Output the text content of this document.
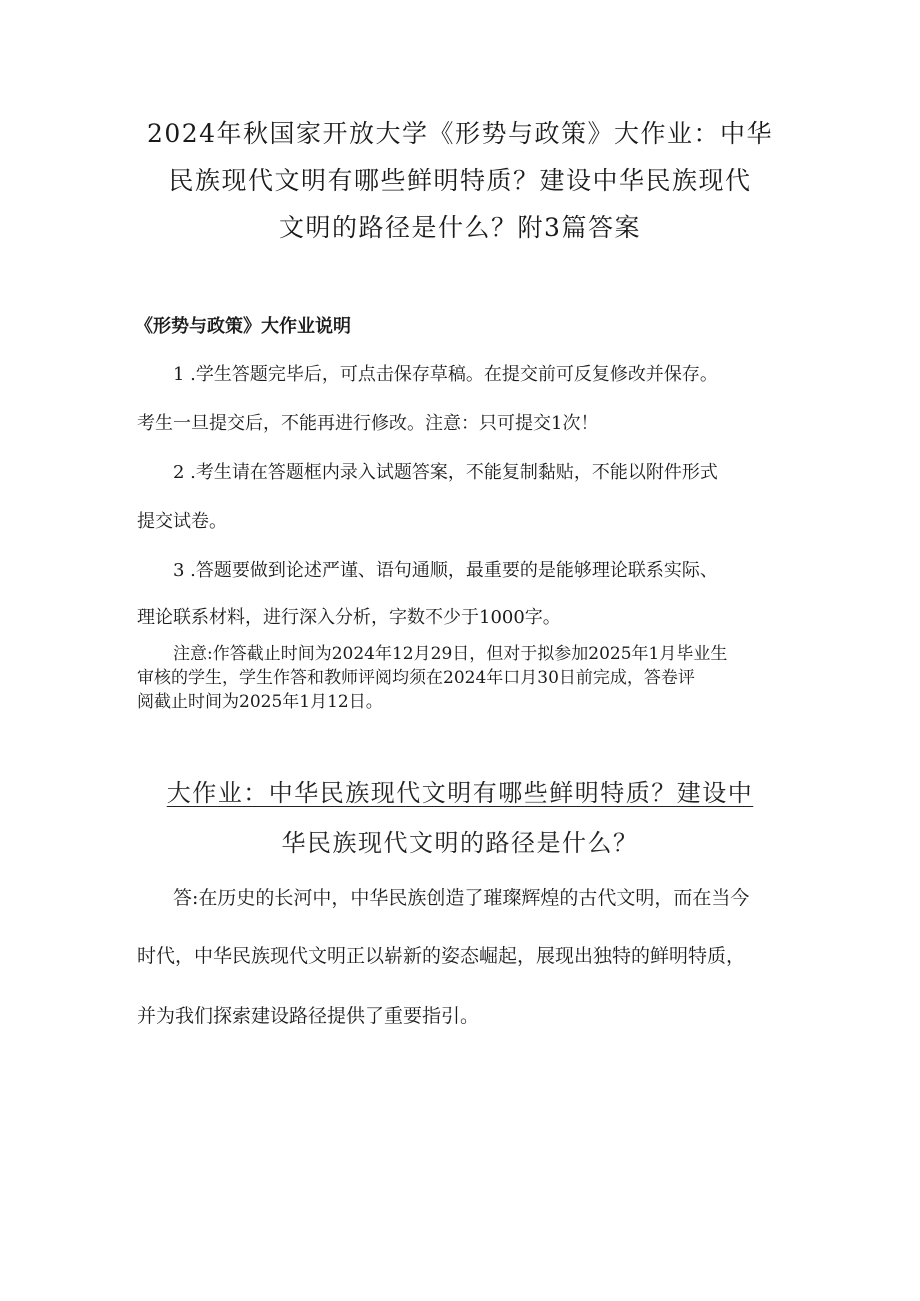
2024年秋国家开放大学《形势与政策》大作业：中华
民族现代文明有哪些鲜明特质？建设中华民族现代
文明的路径是什么？附3篇答案
《形势与政策》大作业说明
1 .学生答题完毕后，可点击保存草稿。在提交前可反复修改并保存。
考生一旦提交后，不能再进行修改。注意：只可提交1次！
2 .考生请在答题框内录入试题答案，不能复制黏贴，不能以附件形式
提交试卷。
3 .答题要做到论述严谨、语句通顺，最重要的是能够理论联系实际、
理论联系材料，进行深入分析，字数不少于1000字。
注意:作答截止时间为2024年12月29日，但对于拟参加2025年1月毕业生
审核的学生，学生作答和教师评阅均须在2024年口月30日前完成，答卷评
阅截止时间为2025年1月12日。
大作业：中华民族现代文明有哪些鲜明特质？建设中
华民族现代文明的路径是什么？
答:在历史的长河中，中华民族创造了璀璨辉煌的古代文明，而在当今
时代，中华民族现代文明正以崭新的姿态崛起，展现出独特的鲜明特质，
并为我们探索建设路径提供了重要指引。
